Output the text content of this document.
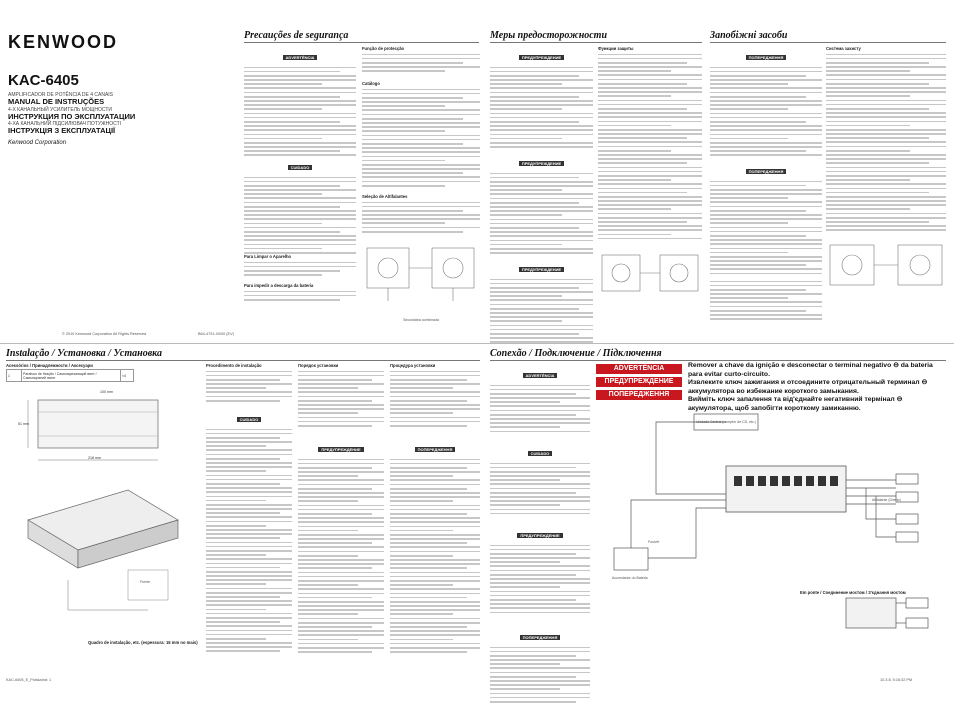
KENWOOD
KAC-6405
AMPLIFICADOR DE POTÊNCIA DE 4 CANAIS
MANUAL DE INSTRUÇÕES
4-Х КАНАЛЬНЫЙ УСИЛИТЕЛЬ МОЩНОСТИ
ИНСТРУКЦИЯ ПО ЭКСПЛУАТАЦИИ
4-ХА КАНАЛЬНИЙ ПІДСИЛЮВАЧ ПОТУЖНОСТІ
ІНСТРУКЦІЯ З ЕКСПЛУАТАЦІЇ
Kenwood Corporation
© 2010 Kenwood Corporation All Rights Reserved.	B64-4791-00/00 (EV)
Precauções de segurança
ADVERTÊNCIA
CUIDADO
Para Limpar o Aparelho
Para impedir a descarga da bateria
Função de protecção
Catálogo
Seleção de Altifalantes
Secundária combinada
Меры предосторожности
ПРЕДУПРЕЖДЕНИЕ
ПРЕДУПРЕЖДЕНИЕ
ПРЕДУПРЕЖДЕНИЕ
Функции защиты
Запобіжні засоби
ПОПЕРЕДЖЕННЯ
ПОПЕРЕДЖЕННЯ
Система захисту
Instalação / Установка / Установка
Acessórios / Принадлежности / Аксесуари
1	Parafuso de fixação / Самонарезающий винт / Самонарізний гвинт	×4
100 mm
218 mm
51 mm
Frente
Quadro de instalação, etc. (espessura: 15 mm no mais)
Procedimento de instalação
CUIDADO
Порядок установки
ПРЕДУПРЕЖДЕНИЕ
Процедура установки
ПОПЕРЕДЖЕННЯ
Conexão / Подключение / Підключення
ADVERTÊNCIA
CUIDADO
ПРЕДУПРЕЖДЕНИЕ
ПОПЕРЕДЖЕННЯ
ADVERTÊNCIA
ПРЕДУПРЕЖДЕНИЕ
ПОПЕРЕДЖЕННЯ
Remover a chave da ignição e desconectar o terminal negativo ⊖ da bateria para evitar curto-circuito.
Извлеките ключ зажигания и отсоедините отрицательный терминал ⊖ аккумулятора во избежание короткого замыкания.
Вийміть ключ запалення та від'єднайте негативний термінал ⊖ акумулятора, щоб запобігти короткому замиканню.
Unidade Central (receptor de CD, etc.)
Acumulador do Bateria
Fusível
Altifalante (Direito)
Em ponte / Соединение мостом / З'єднання мостом
KAC-6405_E_PolskaInd: 1	10.3.8, 5:16:32 PM
